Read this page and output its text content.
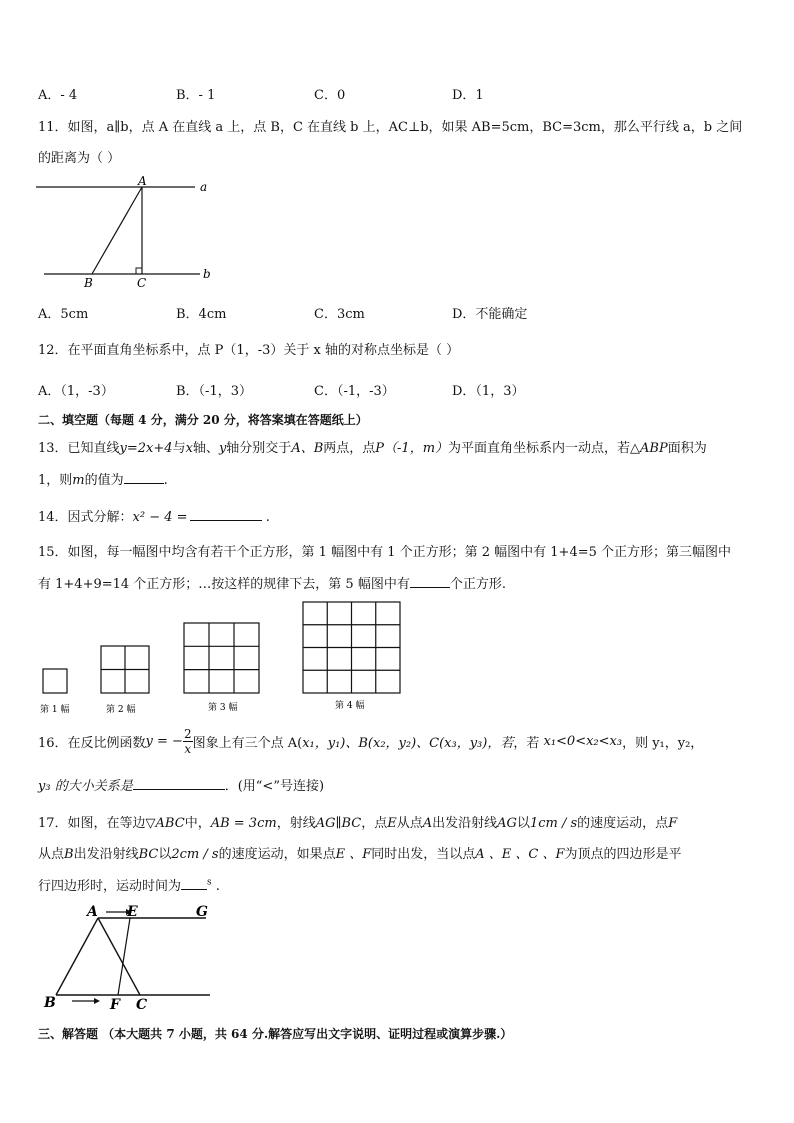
A．- 4	B．- 1	C．0	D．1
11．如图，a∥b，点 A 在直线 a 上，点 B，C 在直线 b 上，AC⊥b，如果 AB=5cm，BC=3cm，那么平行线 a，b 之间
的距离为（ ）
A	a
B	C
b
A．5cm	B．4cm	C．3cm	D．不能确定
12．在平面直角坐标系中，点 P（1，-3）关于 x 轴的对称点坐标是（ ）
A．（1，-3）	B．（-1，3）	C．（-1，-3）	D．（1，3）
二、填空题（每题 4 分，满分 20 分，将答案填在答题纸上）
13．已知直线y=2x+4与x轴、y轴分别交于A、B两点，点P（-1，m）为平面直角坐标系内一动点，若△ABP面积为
1，则m的值为	.
14．因式分解：x² − 4 =	.
15．如图，每一幅图中均含有若干个正方形，第 1 幅图中有 1 个正方形；第 2 幅图中有 1+4=5 个正方形；第三幅图中
有 1+4+9=14 个正方形；…按这样的规律下去，第 5 幅图中有	个正方形.
第 1 幅	第 2 幅	第 3 幅	第 4 幅
16．在反比例函数y = − $\frac{2}{x}$ 图象上有三个点 A(x₁，y₁)、B(x₂，y₂)、C(x₃，y₃)，若，若 x₁<0<x₂<x₃，则 y₁，y₂，
y₃ 的大小关系是	．(用“<”号连接)
17．如图，在等边▽ABC中，AB = 3cm，射线AG∥BC，点E从点A出发沿射线AG以1cm / s的速度运动，点F
从点B出发沿射线BC以2cm / s的速度运动，如果点E 、F同时出发，当以点A 、E 、C 、F为顶点的四边形是平
行四边形时，运动时间为	$^s$ .
A E	G
B	F C
三、解答题 （本大题共 7 小题，共 64 分.解答应写出文字说明、证明过程或演算步骤.）
